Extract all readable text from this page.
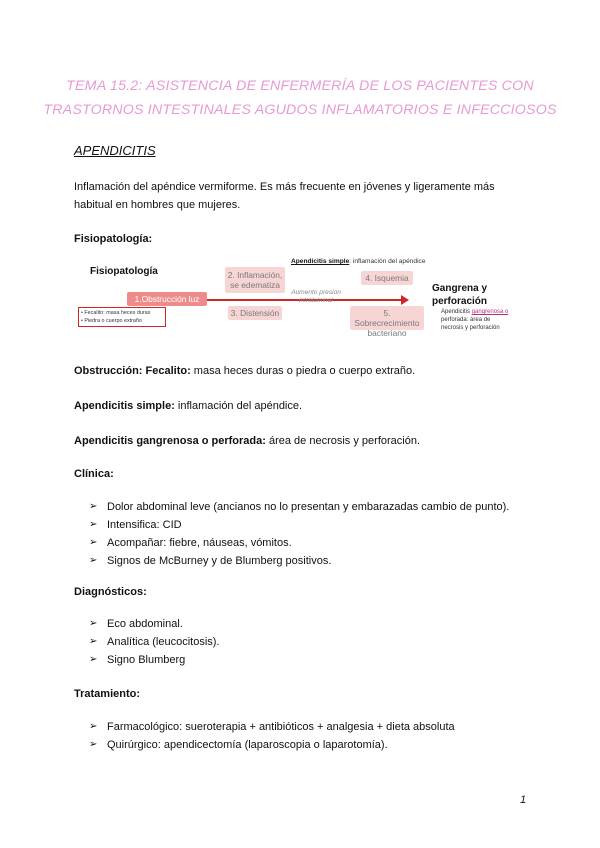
TEMA 15.2: ASISTENCIA DE ENFERMERÍA DE LOS PACIENTES CON
TRASTORNOS INTESTINALES AGUDOS INFLAMATORIOS E INFECCIOSOS
APENDICITIS
Inflamación del apéndice vermiforme. Es más frecuente en jóvenes y ligeramente más
habitual en hombres que mujeres.
Fisiopatología:
Fisiopatología
Apendicitis simple: inflamación del apéndice
2. Inflamación,
se edematiza
4. Isquemia
1.Obstrucción luz
Aumento presión
intraluminal
Gangrena y
perforación
• Fecalito: masa heces duras
• Piedra o cuerpo extraño
3. Distensión	5. Sobrecrecimiento
bacteriano
Apendicitis gangrenosa o
perforada: área de
necrosis y perforación
Obstrucción: Fecalito: masa heces duras o piedra o cuerpo extraño.
Apendicitis simple: inflamación del apéndice.
Apendicitis gangrenosa o perforada: área de necrosis y perforación.
Clínica:
➢ Dolor abdominal leve (ancianos no lo presentan y embarazadas cambio de punto).
➢ Intensifica: CID
➢ Acompañar: fiebre, náuseas, vómitos.
➢ Signos de McBurney y de Blumberg positivos.
Diagnósticos:
➢ Eco abdominal.
➢ Analítica (leucocitosis).
➢ Signo Blumberg
Tratamiento:
➢ Farmacológico: sueroterapia + antibióticos + analgesia + dieta absoluta
➢ Quirúrgico: apendicectomía (laparoscopia o laparotomía).
1
